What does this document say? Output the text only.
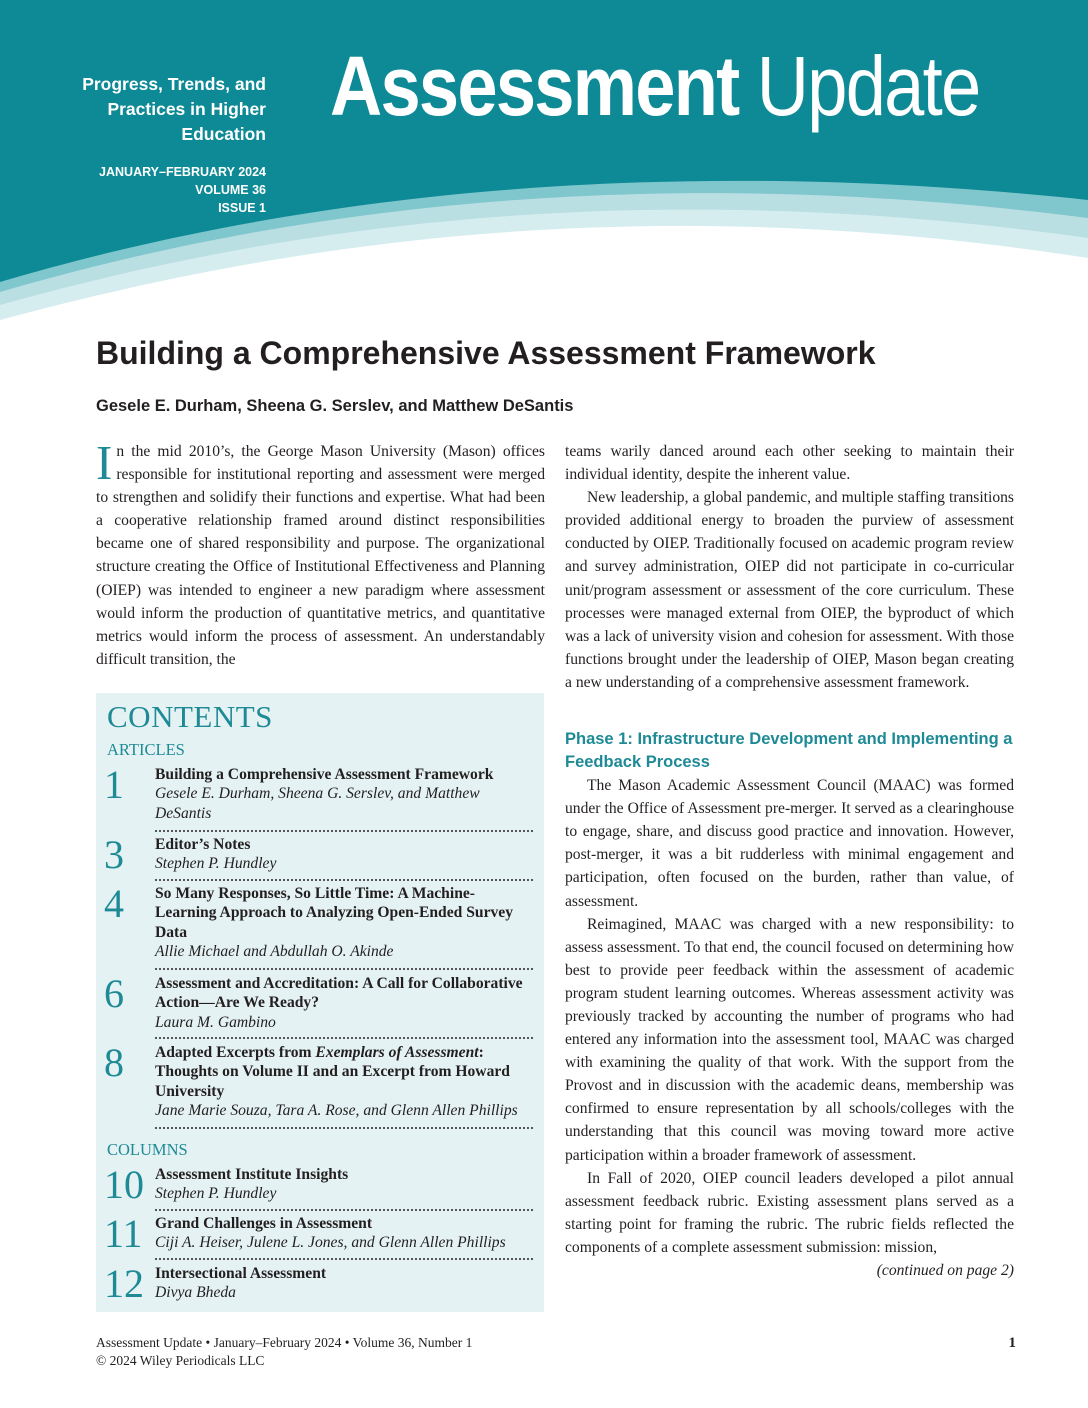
Progress, Trends, and
Practices in Higher
Education
JANUARY–FEBRUARY 2024
VOLUME 36
ISSUE 1
Assessment Update
Building a Comprehensive Assessment Framework
Gesele E. Durham, Sheena G. Serslev, and Matthew DeSantis

In the mid 2010’s, the George Mason University (Mason) offices responsible for institutional reporting and assessment were merged to strengthen and solidify their functions and expertise. What had been a cooperative relationship framed around distinct responsibilities became one of shared responsibility and purpose. The organizational structure creating the Office of Institutional Effectiveness and Planning (OIEP) was intended to engineer a new paradigm where assessment would inform the production of quantitative metrics, and quantitative metrics would inform the process of assessment. An understandably difficult transition, the

CONTENTS
ARTICLES
1 Building a Comprehensive Assessment Framework
Gesele E. Durham, Sheena G. Serslev, and Matthew DeSantis
3 Editor’s Notes
Stephen P. Hundley
4 So Many Responses, So Little Time: A Machine-Learning Approach to Analyzing Open-Ended Survey Data
Allie Michael and Abdullah O. Akinde
6 Assessment and Accreditation: A Call for Collaborative Action—Are We Ready?
Laura M. Gambino
8 Adapted Excerpts from Exemplars of Assessment: Thoughts on Volume II and an Excerpt from Howard University
Jane Marie Souza, Tara A. Rose, and Glenn Allen Phillips
COLUMNS
10 Assessment Institute Insights
Stephen P. Hundley
11 Grand Challenges in Assessment
Ciji A. Heiser, Julene L. Jones, and Glenn Allen Phillips
12 Intersectional Assessment
Divya Bheda

teams warily danced around each other seeking to maintain their individual identity, despite the inherent value.

New leadership, a global pandemic, and multiple staffing transitions provided additional energy to broaden the purview of assessment conducted by OIEP. Traditionally focused on academic program review and survey administration, OIEP did not participate in co-curricular unit/program assessment or assessment of the core curriculum. These processes were managed external from OIEP, the byproduct of which was a lack of university vision and cohesion for assessment. With those functions brought under the leadership of OIEP, Mason began creating a new understanding of a comprehensive assessment framework.

Phase 1: Infrastructure Development and Implementing a Feedback Process

The Mason Academic Assessment Council (MAAC) was formed under the Office of Assessment pre-merger. It served as a clearinghouse to engage, share, and discuss good practice and innovation. However, post-merger, it was a bit rudderless with minimal engagement and participation, often focused on the burden, rather than value, of assessment.

Reimagined, MAAC was charged with a new responsibility: to assess assessment. To that end, the council focused on determining how best to provide peer feedback within the assessment of academic program student learning outcomes. Whereas assessment activity was previously tracked by accounting the number of programs who had entered any information into the assessment tool, MAAC was charged with examining the quality of that work. With the support from the Provost and in discussion with the academic deans, membership was confirmed to ensure representation by all schools/colleges with the understanding that this council was moving toward more active participation within a broader framework of assessment.

In Fall of 2020, OIEP council leaders developed a pilot annual assessment feedback rubric. Existing assessment plans served as a starting point for framing the rubric. The rubric fields reflected the components of a complete assessment submission: mission,

(continued on page 2)

Assessment Update • January–February 2024 • Volume 36, Number 1
© 2024 Wiley Periodicals LLC
1
